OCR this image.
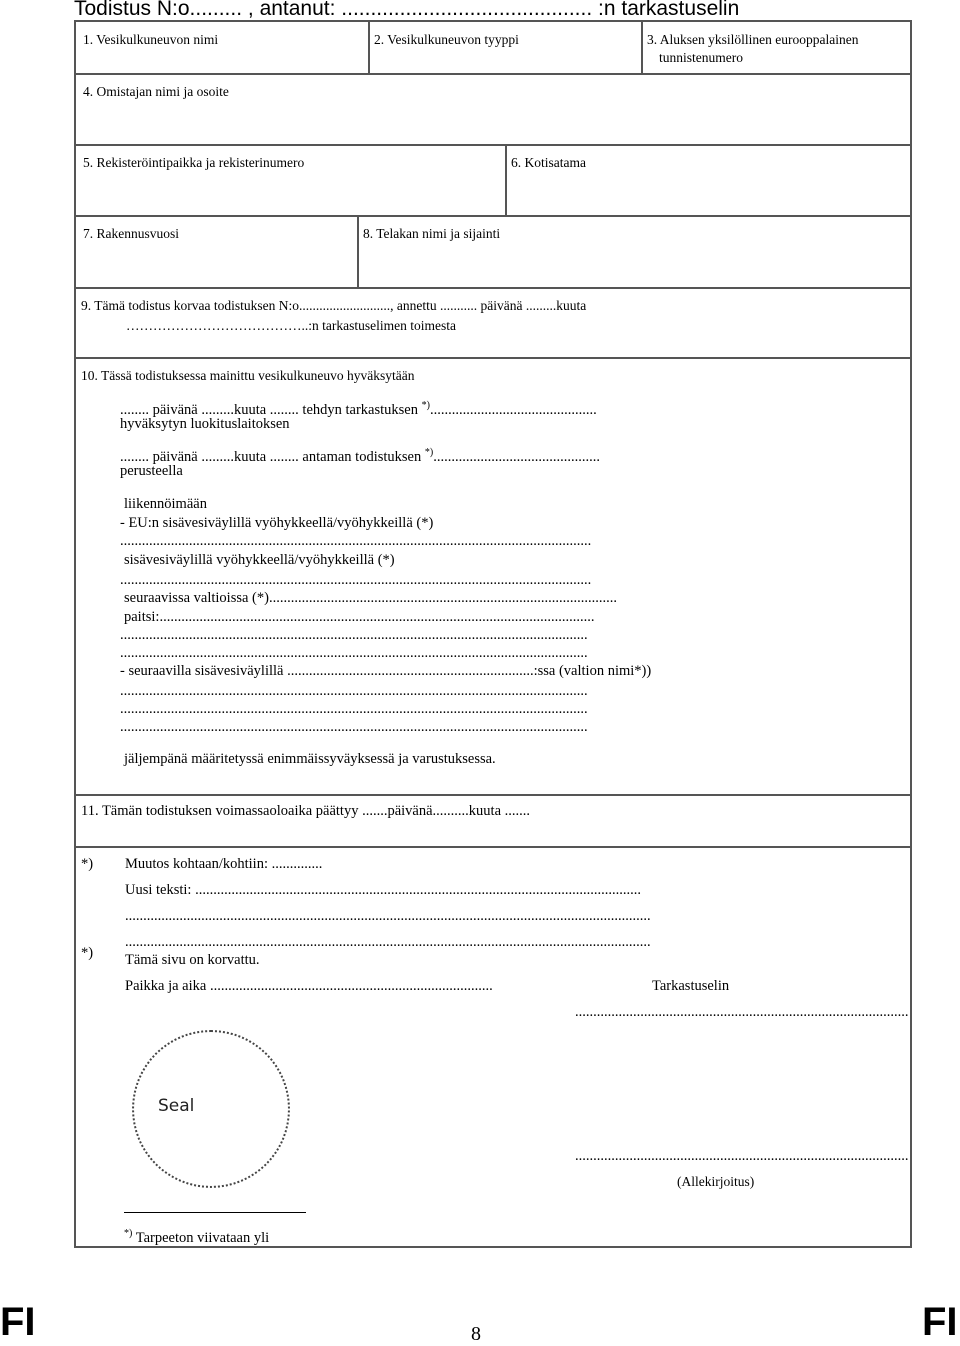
Todistus N:o......... , antanut: ........................................... :n tarkastuselin
1. Vesikulkuneuvon nimi	2. Vesikulkuneuvon tyyppi	3. Aluksen yksilöllinen eurooppalainen
tunnistenumero
4. Omistajan nimi ja osoite
5. Rekisteröintipaikka ja rekisterinumero	6. Kotisatama
7. Rakennusvuosi	8. Telakan nimi ja sijainti
9. Tämä todistus korvaa todistuksen N:o..........................., annettu ........... päivänä .........kuuta
…………………………………..:n tarkastuselimen toimesta
10. Tässä todistuksessa mainittu vesikulkuneuvo hyväksytään
........ päivänä .........kuuta ........ tehdyn tarkastuksen *)..............................................
hyväksytyn luokituslaitoksen
........ päivänä .........kuuta ........ antaman todistuksen *)..............................................
perusteella
liikennöimään
- EU:n sisävesiväylillä vyöhykkeellä/vyöhykkeillä (*)
..................................................................................................................................
sisävesiväylillä vyöhykkeellä/vyöhykkeillä (*)
..................................................................................................................................
seuraavissa valtioissa (*)................................................................................................
paitsi:........................................................................................................................
.................................................................................................................................
.................................................................................................................................
- seuraavilla sisävesiväylillä ....................................................................:ssa (valtion nimi*))
.................................................................................................................................
.................................................................................................................................
.................................................................................................................................
jäljempänä määritetyssä enimmäissyväyksessä ja varustuksessa.
11. Tämän todistuksen voimassaoloaika päättyy .......päivänä..........kuuta .......
*) Muutos kohtaan/kohtiin: ..............
Uusi teksti: ...........................................................................................................................
.................................................................................................................................................
.................................................................................................................................................
*) Tämä sivu on korvattu.
Paikka ja aika ..............................................................................	Tarkastuselin
............................................................................................
Seal
............................................................................................
(Allekirjoitus)
*) Tarpeeton viivataan yli
FI	8	FI
